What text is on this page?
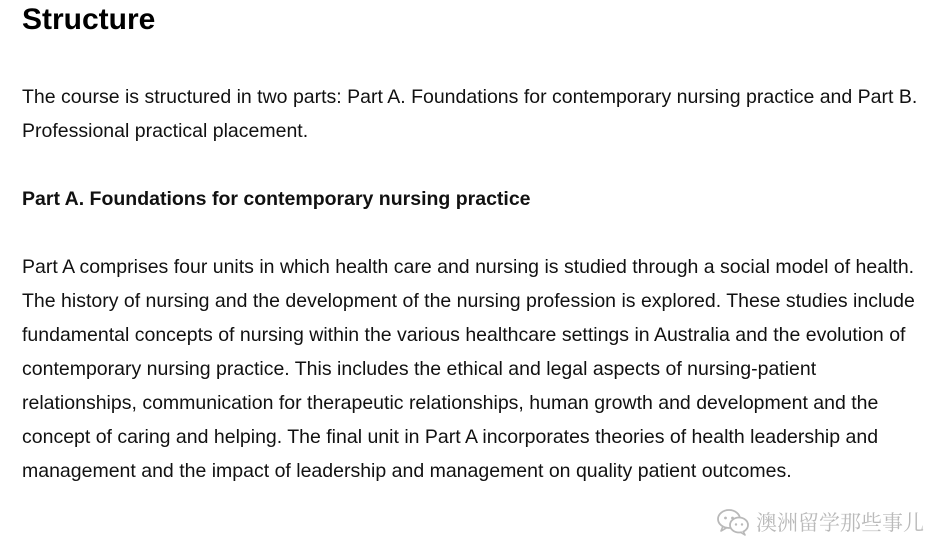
Structure

The course is structured in two parts: Part A. Foundations for contemporary nursing practice and Part B. Professional practical placement.

Part A. Foundations for contemporary nursing practice

Part A comprises four units in which health care and nursing is studied through a social model of health. The history of nursing and the development of the nursing profession is explored. These studies include fundamental concepts of nursing within the various healthcare settings in Australia and the evolution of contemporary nursing practice. This includes the ethical and legal aspects of nursing-patient relationships, communication for therapeutic relationships, human growth and development and the concept of caring and helping. The final unit in Part A incorporates theories of health leadership and management and the impact of leadership and management on quality patient outcomes.

澳洲留学那些事儿
